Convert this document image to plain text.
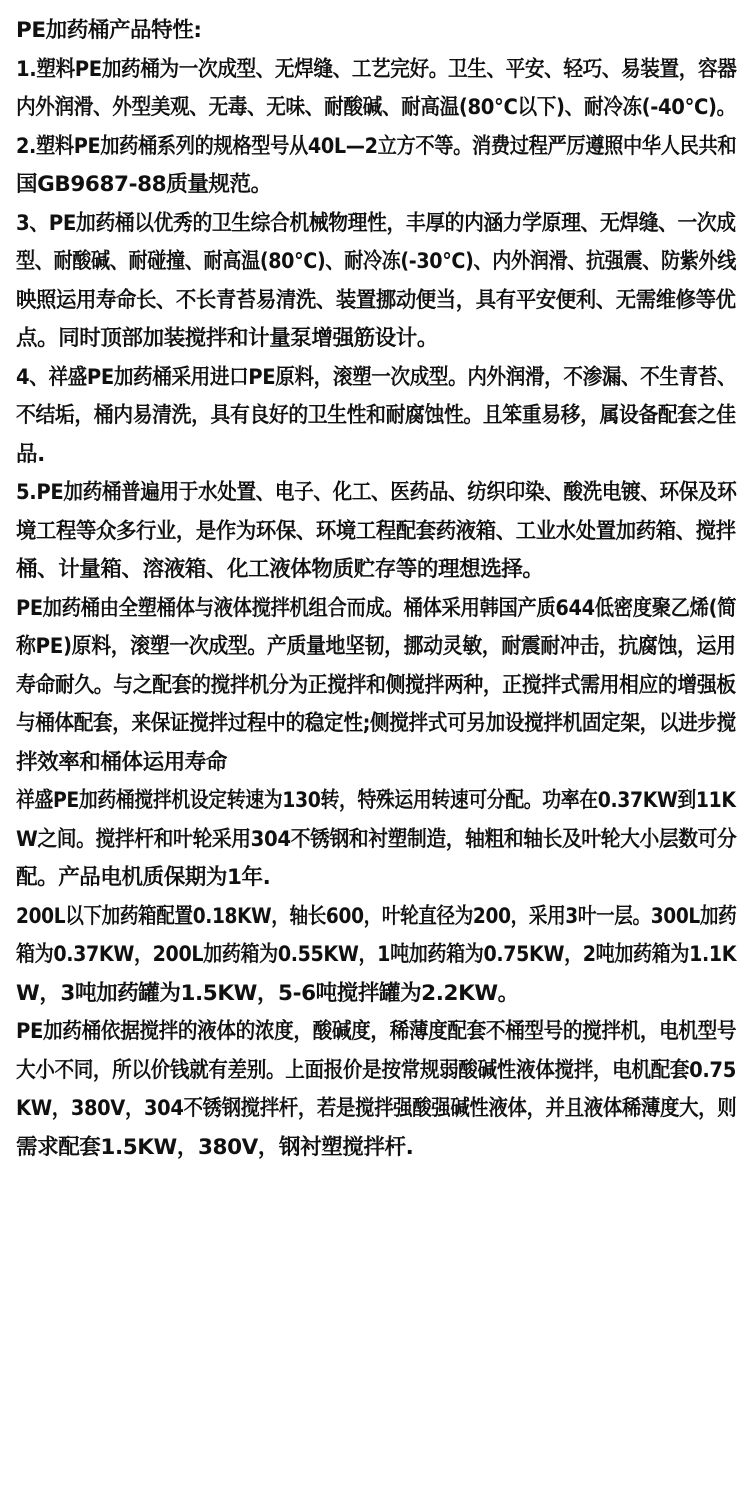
PE加药桶产品特性:
1.塑料PE加药桶为一次成型、无焊缝、工艺完好。卫生、平安、轻巧、易装置，容器 内外润滑、外型美观、无毒、无味、耐酸碱、耐高温(80°C以下)、耐冷冻(-40°C)。 2.塑料PE加药桶系列的规格型号从40L—2立方不等。消费过程严厉遵照中华人民共和
国GB9687-88质量规范。
3、PE加药桶以优秀的卫生综合机械物理性，丰厚的内涵力学原理、无焊缝、一次成 型、耐酸碱、耐碰撞、耐高温(80°C)、耐冷冻(-30°C)、内外润滑、抗强震、防紫外线 映照运用寿命长、不长青苔易清洗、装置挪动便当，具有平安便利、无需维修等优
点。同时顶部加装搅拌和计量泵增强筋设计。
4、祥盛PE加药桶采用进口PE原料，滚塑一次成型。内外润滑，不渗漏、不生青苔、 不结垢，桶内易清洗，具有良好的卫生性和耐腐蚀性。且笨重易移，属设备配套之佳
品.
5.PE加药桶普遍用于水处置、电子、化工、医药品、纺织印染、酸洗电镀、环保及环 境工程等众多行业，是作为环保、环境工程配套药液箱、工业水处置加药箱、搅拌
桶、计量箱、溶液箱、化工液体物质贮存等的理想选择。
PE加药桶由全塑桶体与液体搅拌机组合而成。桶体采用韩国产质644低密度聚乙烯(简 称PE)原料，滚塑一次成型。产质量地坚韧，挪动灵敏，耐震耐冲击，抗腐蚀，运用 寿命耐久。与之配套的搅拌机分为正搅拌和侧搅拌两种，正搅拌式需用相应的增强板 与桶体配套，来保证搅拌过程中的稳定性;侧搅拌式可另加设搅拌机固定架，以进步搅
拌效率和桶体运用寿命
祥盛PE加药桶搅拌机设定转速为130转，特殊运用转速可分配。功率在0.37KW到11K W之间。搅拌杆和叶轮采用304不锈钢和衬塑制造，轴粗和轴长及叶轮大小层数可分
配。产品电机质保期为1年.
200L以下加药箱配置0.18KW，轴长600，叶轮直径为200，采用3叶一层。300L加药 箱为0.37KW，200L加药箱为0.55KW，1吨加药箱为0.75KW，2吨加药箱为1.1K
W，3吨加药罐为1.5KW，5-6吨搅拌罐为2.2KW。
PE加药桶依据搅拌的液体的浓度，酸碱度，稀薄度配套不桶型号的搅拌机，电机型号 大小不同，所以价钱就有差别。上面报价是按常规弱酸碱性液体搅拌，电机配套0.75 KW，380V，304不锈钢搅拌杆，若是搅拌强酸强碱性液体，并且液体稀薄度大，则
需求配套1.5KW，380V，钢衬塑搅拌杆.
